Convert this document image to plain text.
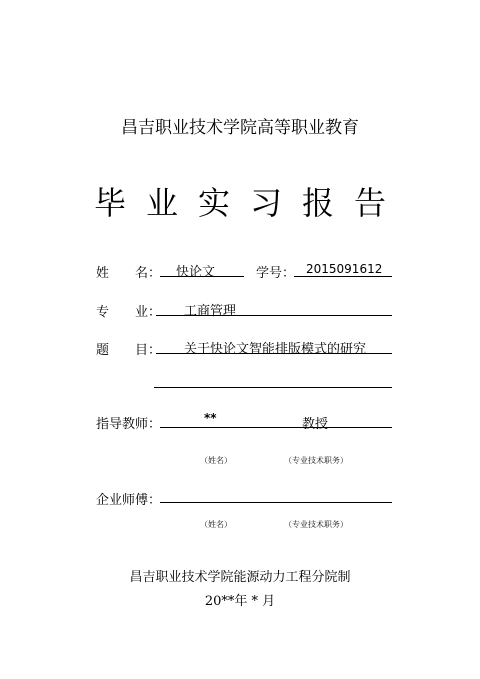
昌吉职业技术学院高等职业教育
毕业实习报告
姓　　名： 快论文	学号： 2015091612
专　　业： 工商管理
题　　目： 关于快论文智能排版模式的研究
指导教师：	**	教授
（姓名）	（专业技术职务）
企业师傅：
（姓名）	（专业技术职务）
昌吉职业技术学院能源动力工程分院制
20**年 * 月
